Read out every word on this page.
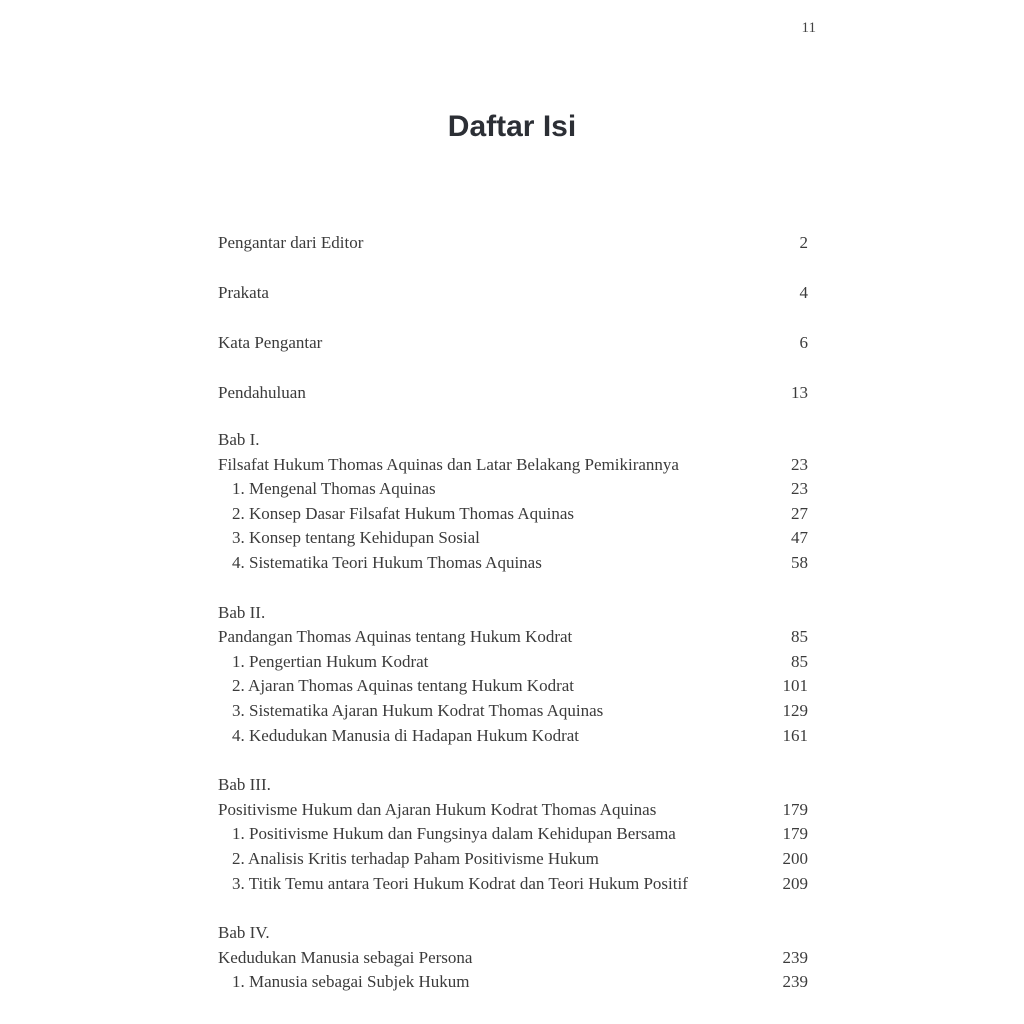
11
Daftar Isi
Pengantar dari Editor	2
Prakata	4
Kata Pengantar	6
Pendahuluan	13
Bab I.
Filsafat Hukum Thomas Aquinas dan Latar Belakang Pemikirannya	23
1. Mengenal Thomas Aquinas	23
2. Konsep Dasar Filsafat Hukum Thomas Aquinas	27
3. Konsep tentang Kehidupan Sosial	47
4. Sistematika Teori Hukum Thomas Aquinas	58
Bab II.
Pandangan Thomas Aquinas tentang Hukum Kodrat	85
1. Pengertian Hukum Kodrat	85
2. Ajaran Thomas Aquinas tentang Hukum Kodrat	101
3. Sistematika Ajaran Hukum Kodrat Thomas Aquinas	129
4. Kedudukan Manusia di Hadapan Hukum Kodrat	161
Bab III.
Positivisme Hukum dan Ajaran Hukum Kodrat Thomas Aquinas	179
1. Positivisme Hukum dan Fungsinya dalam Kehidupan Bersama	179
2. Analisis Kritis terhadap Paham Positivisme Hukum	200
3. Titik Temu antara Teori Hukum Kodrat dan Teori Hukum Positif	209
Bab IV.
Kedudukan Manusia sebagai Persona	239
1. Manusia sebagai Subjek Hukum	239
